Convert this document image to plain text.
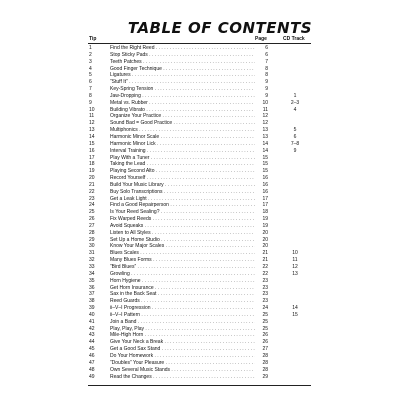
TABLE OF CONTENTS
Tip	Page	CD Track
1	Find the Right Reed . . .	6
2	Stop Sticky Pads . . .	6
3	Teeth Patches . . .	7
4	Good Finger Technique . . .	8
5	Ligatures . . .	8
6	“Stuff It” . . .	9
7	Key-Spring Tension . . .	9
8	Jaw-Dropping . . .	9	1
9	Metal vs. Rubber . . .	10	2–3
10	Building Vibrato . . .	11	4
11	Organize Your Practice . . .	12
12	Sound Bad = Good Practice . . .	12
13	Multiphonics . . .	13	5
14	Harmonic Minor Scale . . .	13	6
15	Harmonic Minor Lick . . .	14	7–8
16	Interval Training . . .	14	9
17	Play With a Tuner . . .	15
18	Taking the Lead . . .	15
19	Playing Second Alto . . .	15
20	Record Yourself . . .	16
21	Build Your Music Library . . .	16
22	Buy Solo Transcriptions . . .	16
23	Get a Leak Light . . .	17
24	Find a Good Repairperson . . .	17
25	Is Your Reed Sealing? . . .	18
26	Fix Warped Reeds . . .	19
27	Avoid Squeaks . . .	19
28	Listen to All Styles . . .	20
29	Set Up a Home Studio . . .	20
30	Know Your Major Scales . . .	20
31	Blues Scales . . .	21	10
32	Many Blues Forms . . .	21	11
33	“Bird Blues” . . .	22	12
34	Growling . . .	22	13
35	Horn Hygiene . . .	23
36	Get Horn Insurance . . .	23
37	Sax in the Back Seat . . .	23
38	Reed Guards . . .	23
39	ii–V–I Progression . . .	24	14
40	ii–V–I Pattern . . .	25	15
41	Join a Band . . .	25
42	Play, Play, Play . . .	25
43	Mile-High Horn . . .	26
44	Give Your Neck a Break . . .	26
45	Get a Good Sax Stand . . .	27
46	Do Your Homework . . .	28
47	“Doubles” Your Pleasure . . .	28
48	Own Several Music Stands . . .	28
49	Read the Changes . . .	29
